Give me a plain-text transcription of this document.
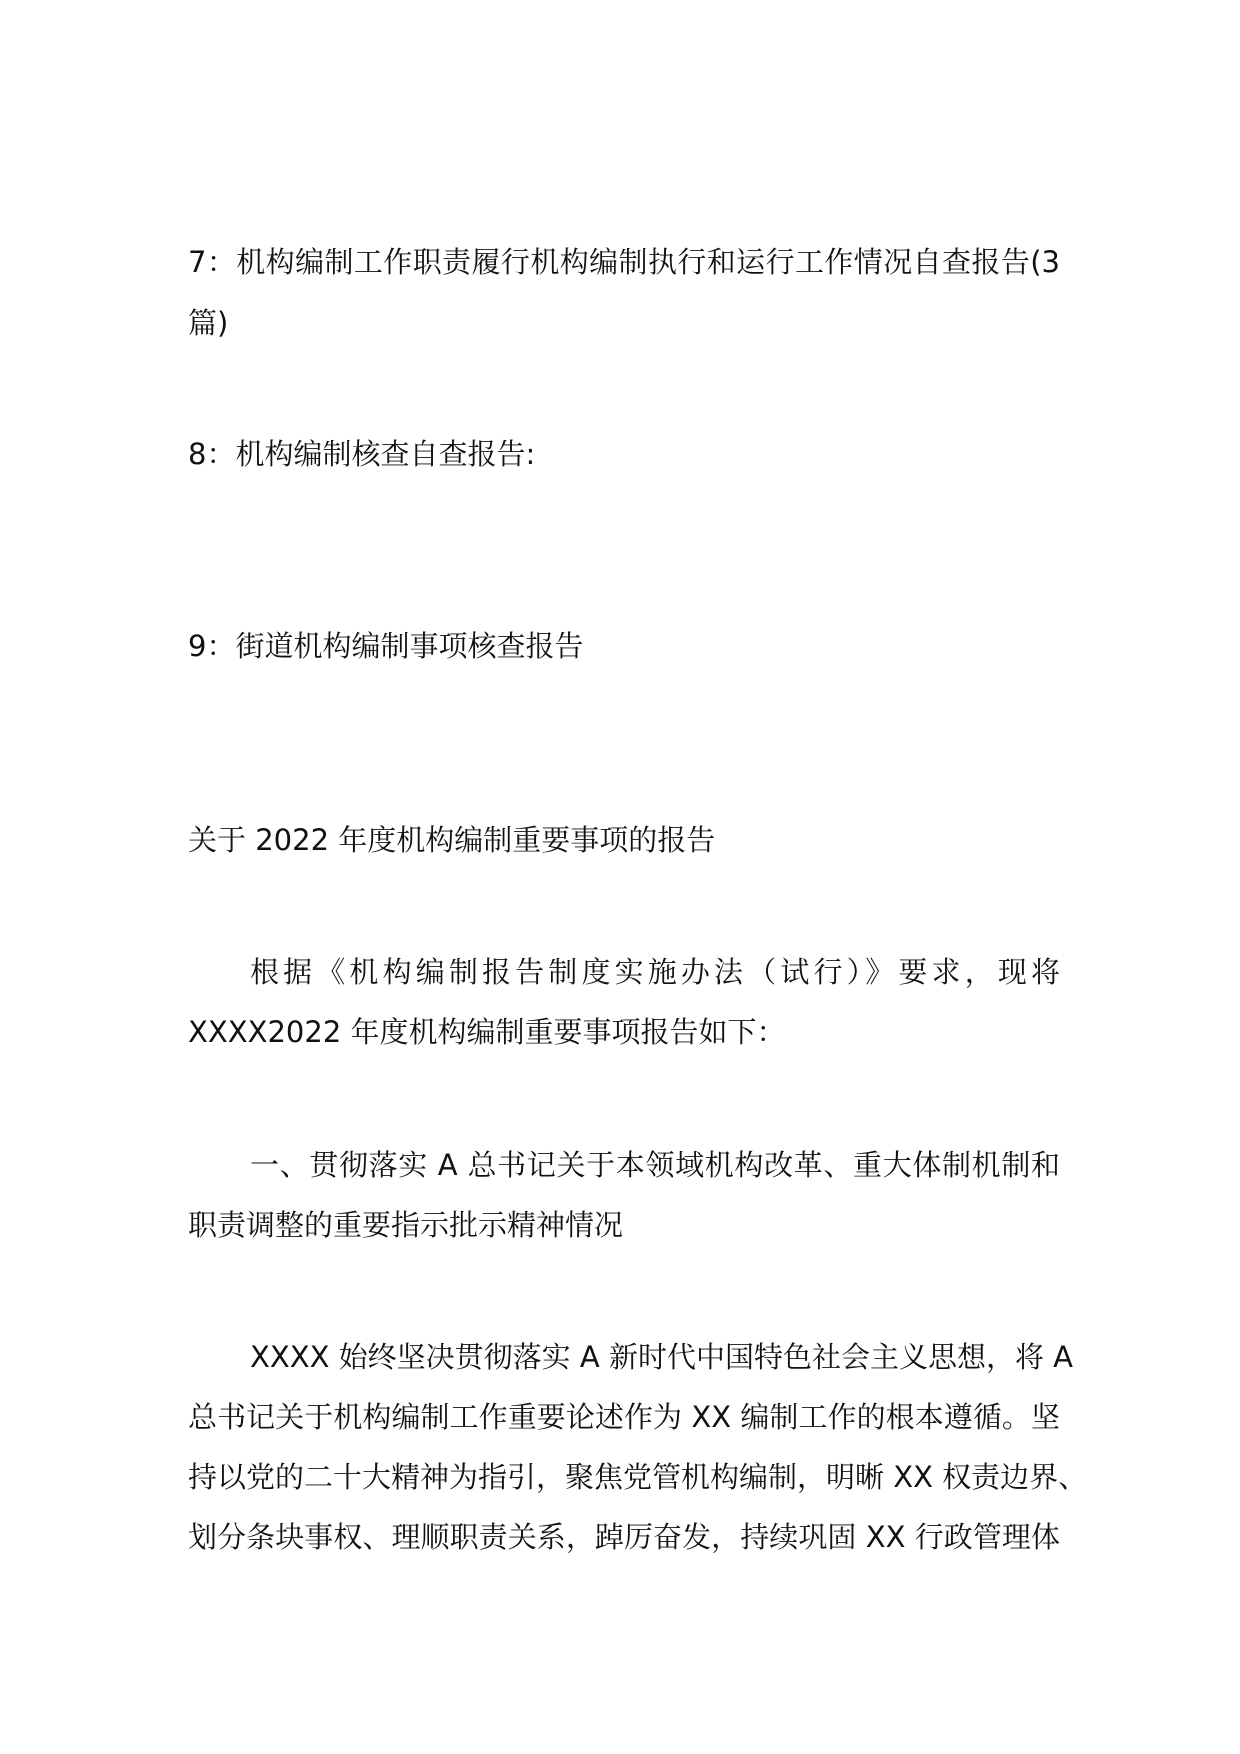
7：机构编制工作职责履行机构编制执行和运行工作情况自查报告(3

篇)

8：机构编制核查自查报告:

9：街道机构编制事项核查报告

关于 2022 年度机构编制重要事项的报告

根据《机构编制报告制度实施办法（试行）》要求，现将

XXXX2022 年度机构编制重要事项报告如下：

一、贯彻落实 A 总书记关于本领域机构改革、重大体制机制和

职责调整的重要指示批示精神情况

XXXX 始终坚决贯彻落实 A 新时代中国特色社会主义思想，将 A

总书记关于机构编制工作重要论述作为 XX 编制工作的根本遵循。坚

持以党的二十大精神为指引，聚焦党管机构编制，明晰 XX 权责边界、

划分条块事权、理顺职责关系，踔厉奋发，持续巩固 XX 行政管理体
